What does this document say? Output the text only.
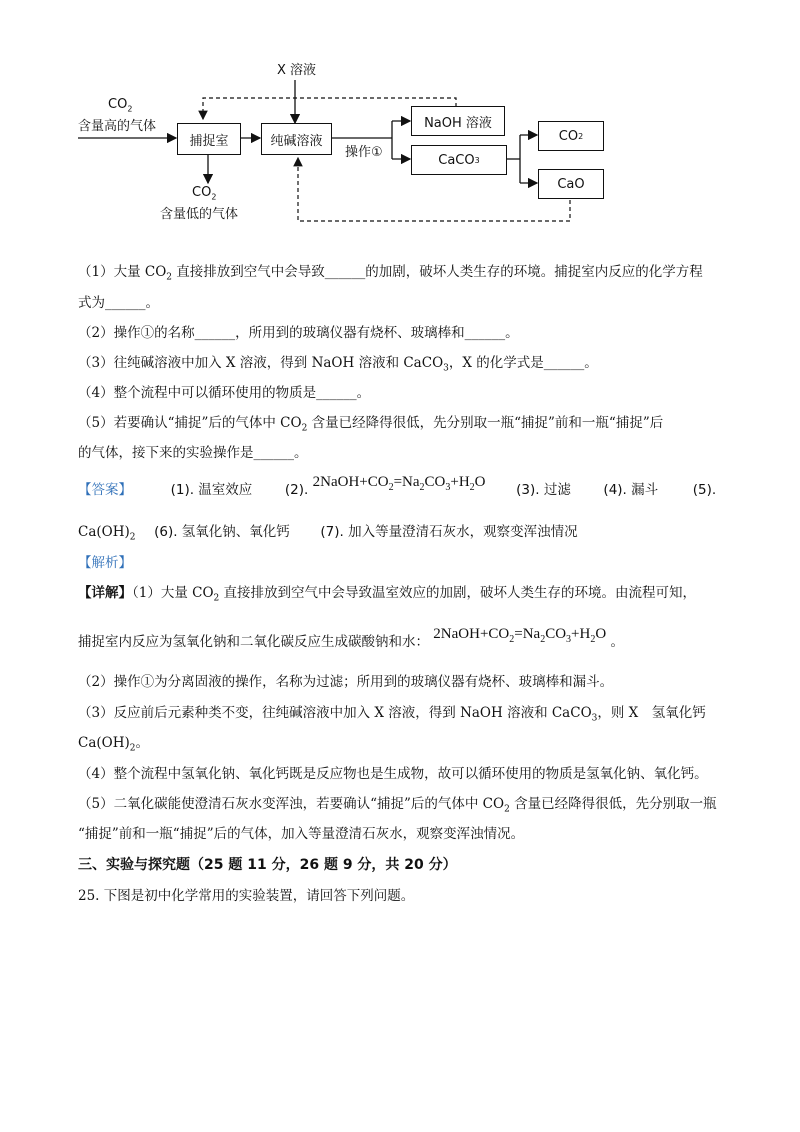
X 溶液
$CO_2$
含量高的气体
捕捉室	纯碱溶液
操作①
NaOH 溶液
CaCO 3
CO 2
CaO
$CO_2$
含量低的气体
（1）大量 $CO_2$ 直接排放到空气中会导致______的加剧，破坏人类生存的环境。捕捉室内反应的化学方程
式为______。
（2）操作①的名称______，所用到的玻璃仪器有烧杯、玻璃棒和______。
（3）往纯碱溶液中加入 X 溶液，得到 NaOH 溶液和 CaCO$_3$，X 的化学式是______。
（4）整个流程中可以循环使用的物质是______。
（5）若要确认“捕捉”后的气体中 $CO_2$ 含量已经降得很低，先分别取一瓶“捕捉”前和一瓶“捕捉”后
的气体，接下来的实验操作是______。
【答案】	(1). 温室效应 (2). $2NaOH+CO_2=Na_2CO_3+H_2O$ (3). 过滤 (4). 漏斗	(5).
$Ca(OH)_2$ (6). 氢氧化钠、氧化钙 (7). 加入等量澄清石灰水，观察变浑浊情况
【解析】
【详解】（1）大量 $CO_2$ 直接排放到空气中会导致温室效应的加剧，破坏人类生存的环境。由流程可知，
捕捉室内反应为氢氧化钠和二氧化碳反应生成碳酸钠和水： $2NaOH+CO_2=Na_2CO_3+H_2O$ 。
（2）操作①为分离固液的操作，名称为过滤；所用到的玻璃仪器有烧杯、玻璃棒和漏斗。
（3）反应前后元素种类不变，往纯碱溶液中加入 X 溶液，得到 NaOH 溶液和 CaCO$_3$，则 X　氢氧化钙
$Ca(OH)_2$。
（4）整个流程中氢氧化钠、氧化钙既是反应物也是生成物，故可以循环使用的物质是氢氧化钠、氧化钙。
（5）二氧化碳能使澄清石灰水变浑浊，若要确认“捕捉”后的气体中 $CO_2$ 含量已经降得很低，先分别取一瓶
“捕捉”前和一瓶“捕捉”后的气体，加入等量澄清石灰水，观察变浑浊情况。
三、实验与探究题（25 题 11 分，26 题 9 分，共 20 分）
25. 下图是初中化学常用的实验装置，请回答下列问题。
